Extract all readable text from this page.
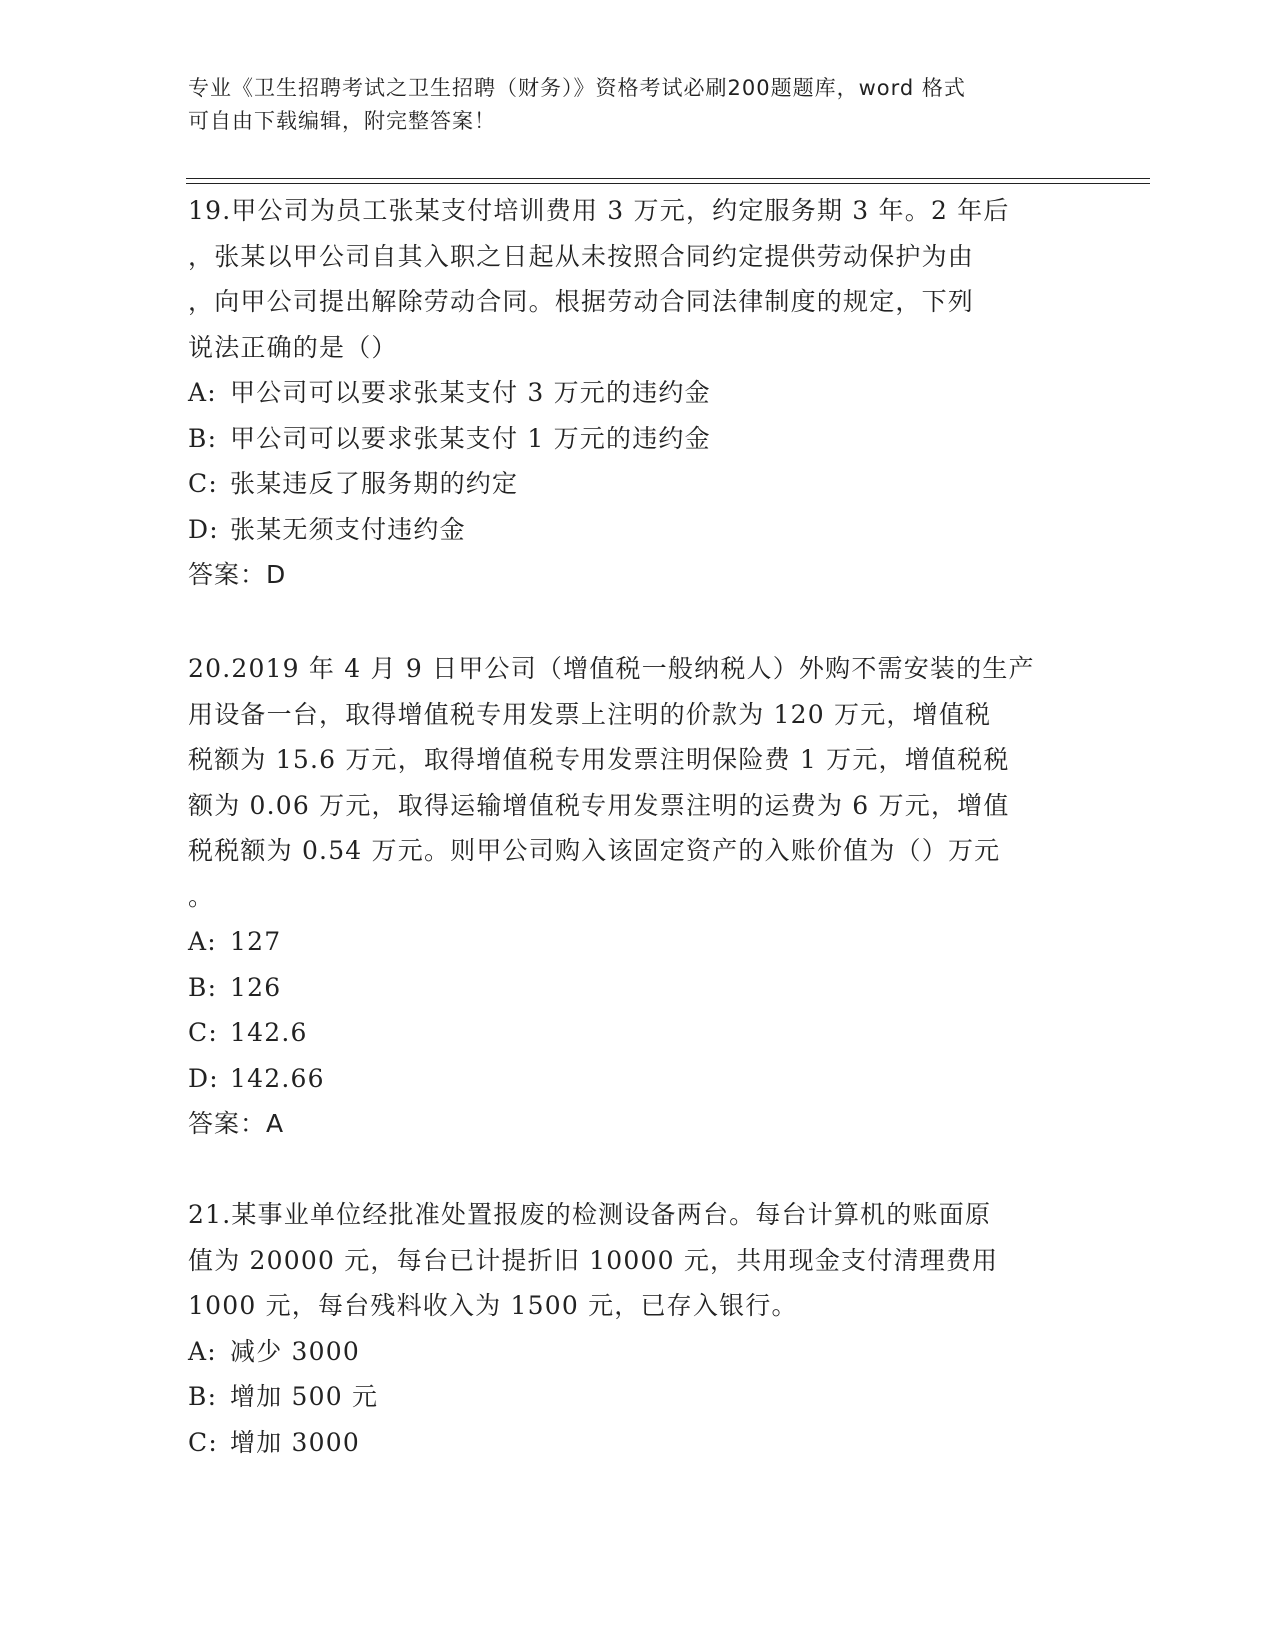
专业《卫生招聘考试之卫生招聘（财务）》资格考试必刷200题题库，word 格式
可自由下载编辑，附完整答案！
19.甲公司为员工张某支付培训费用 3 万元，约定服务期 3 年。2 年后
，张某以甲公司自其入职之日起从未按照合同约定提供劳动保护为由
，向甲公司提出解除劳动合同。根据劳动合同法律制度的规定，下列
说法正确的是（）
A: 甲公司可以要求张某支付 3 万元的违约金
B: 甲公司可以要求张某支付 1 万元的违约金
C: 张某违反了服务期的约定
D: 张某无须支付违约金
答案：D
20.2019 年 4 月 9 日甲公司（增值税一般纳税人）外购不需安装的生产
用设备一台，取得增值税专用发票上注明的价款为 120 万元，增值税
税额为 15.6 万元，取得增值税专用发票注明保险费 1 万元，增值税税
额为 0.06 万元，取得运输增值税专用发票注明的运费为 6 万元，增值
税税额为 0.54 万元。则甲公司购入该固定资产的入账价值为（）万元
。
A: 127
B: 126
C: 142.6
D: 142.66
答案：A
21.某事业单位经批准处置报废的检测设备两台。每台计算机的账面原
值为 20000 元，每台已计提折旧 10000 元，共用现金支付清理费用
1000 元，每台残料收入为 1500 元，已存入银行。
A: 减少 3000
B: 增加 500 元
C: 增加 3000
